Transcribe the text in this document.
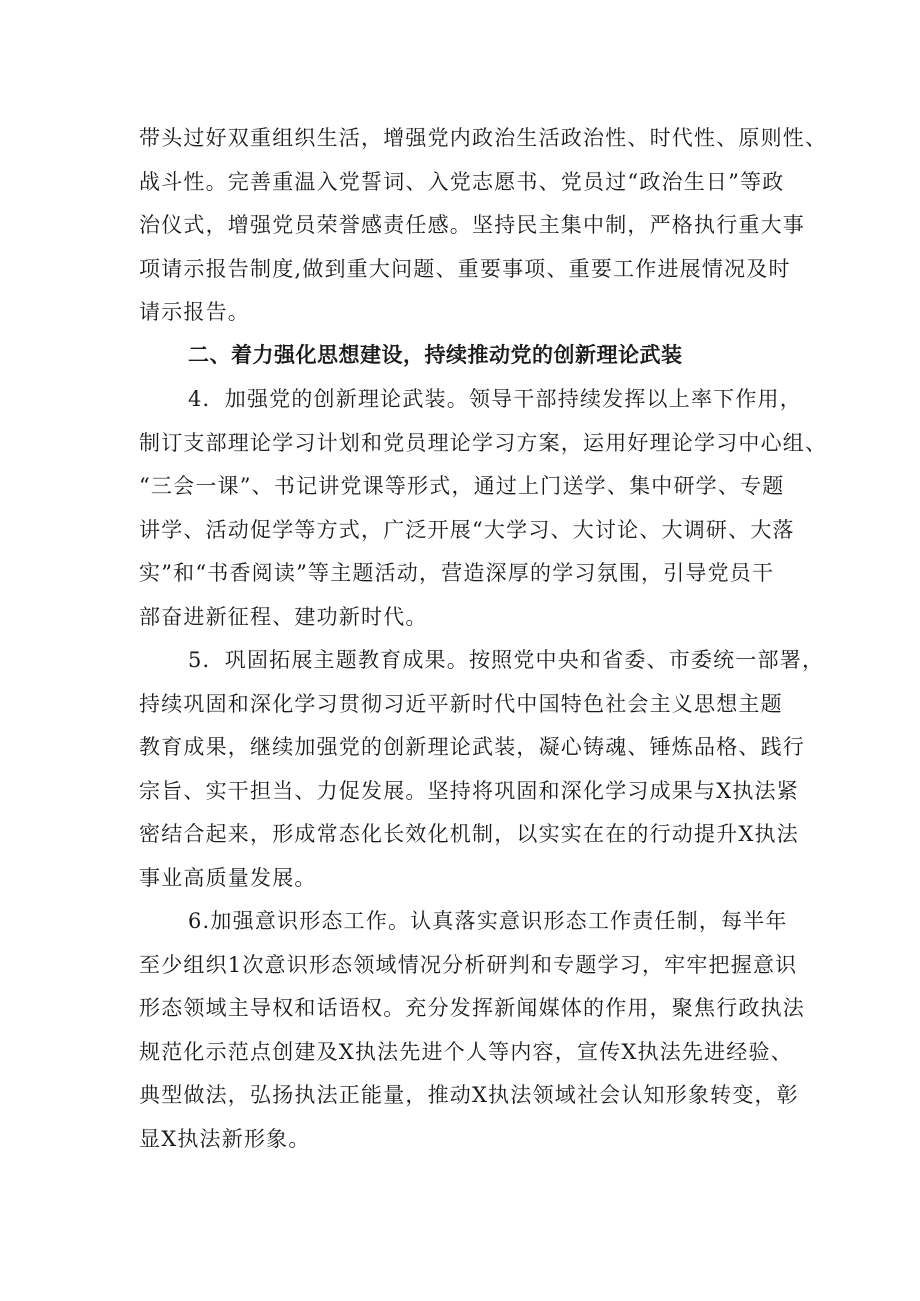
带头过好双重组织生活，增强党内政治生活政治性、时代性、原则性、
战斗性。完善重温入党誓词、入党志愿书、党员过“政治生日”等政
治仪式，增强党员荣誉感责任感。坚持民主集中制，严格执行重大事
项请示报告制度,做到重大问题、重要事项、重要工作进展情况及时
请示报告。
二、着力强化思想建设，持续推动党的创新理论武装
4．加强党的创新理论武装。领导干部持续发挥以上率下作用，
制订支部理论学习计划和党员理论学习方案，运用好理论学习中心组、
“三会一课”、书记讲党课等形式，通过上门送学、集中研学、专题
讲学、活动促学等方式，广泛开展“大学习、大讨论、大调研、大落
实”和“书香阅读”等主题活动，营造深厚的学习氛围，引导党员干
部奋进新征程、建功新时代。
5．巩固拓展主题教育成果。按照党中央和省委、市委统一部署，
持续巩固和深化学习贯彻习近平新时代中国特色社会主义思想主题
教育成果，继续加强党的创新理论武装，凝心铸魂、锤炼品格、践行
宗旨、实干担当、力促发展。坚持将巩固和深化学习成果与X执法紧
密结合起来，形成常态化长效化机制，以实实在在的行动提升X执法
事业高质量发展。
6.加强意识形态工作。认真落实意识形态工作责任制，每半年
至少组织1次意识形态领域情况分析研判和专题学习，牢牢把握意识
形态领域主导权和话语权。充分发挥新闻媒体的作用，聚焦行政执法
规范化示范点创建及X执法先进个人等内容，宣传X执法先进经验、
典型做法，弘扬执法正能量，推动X执法领域社会认知形象转变，彰
显X执法新形象。
